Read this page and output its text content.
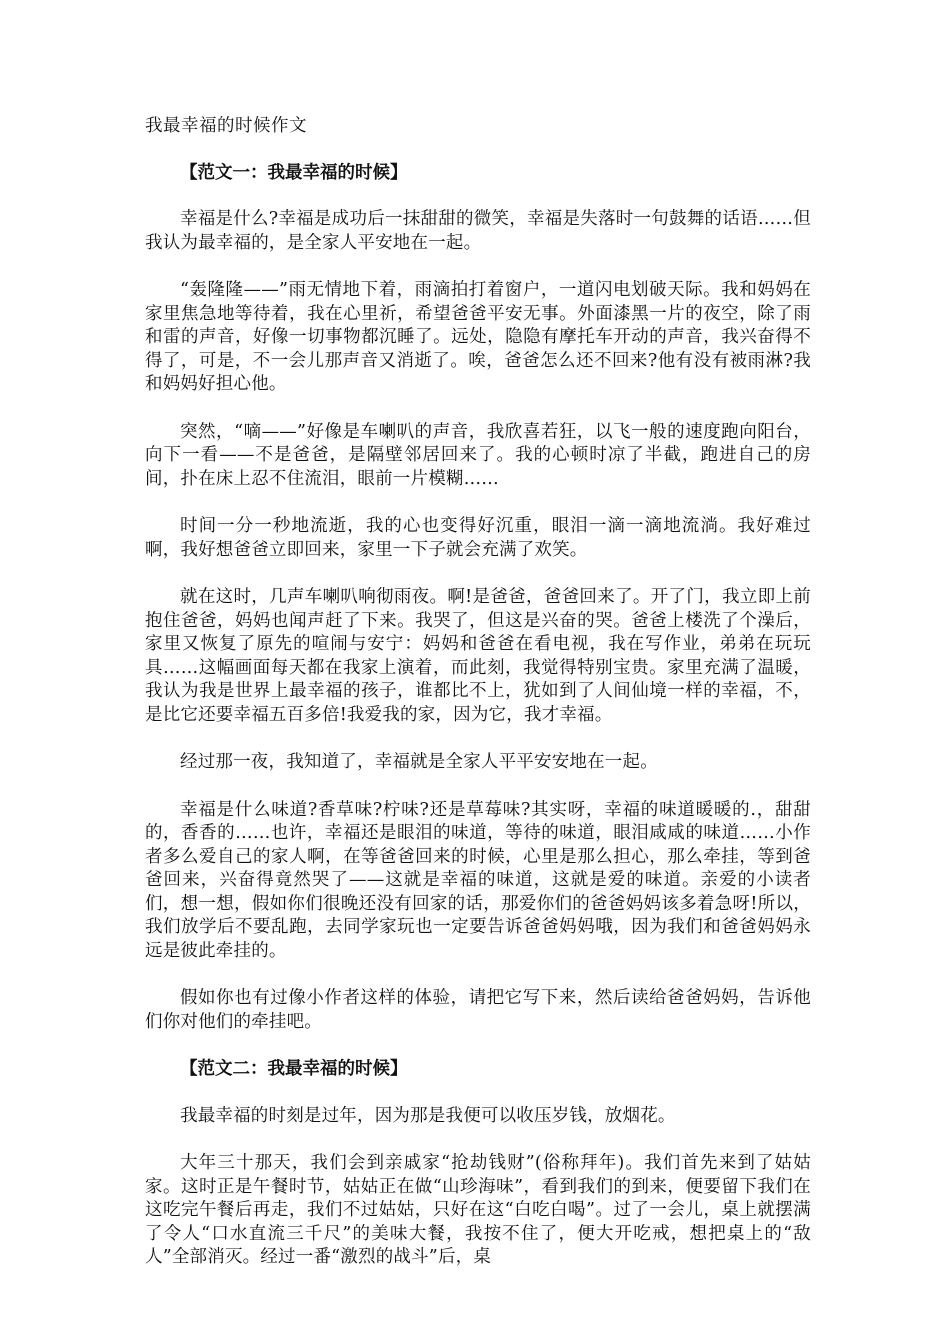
我最幸福的时候作文

【范文一：我最幸福的时候】

幸福是什么?幸福是成功后一抹甜甜的微笑，幸福是失落时一句鼓舞的话语……但我认为最幸福的，是全家人平安地在一起。

“轰隆隆——”雨无情地下着，雨滴拍打着窗户，一道闪电划破天际。我和妈妈在家里焦急地等待着，我在心里祈，希望爸爸平安无事。外面漆黑一片的夜空，除了雨和雷的声音，好像一切事物都沉睡了。远处，隐隐有摩托车开动的声音，我兴奋得不得了，可是，不一会儿那声音又消逝了。唉，爸爸怎么还不回来?他有没有被雨淋?我和妈妈好担心他。

突然，“嘀——”好像是车喇叭的声音，我欣喜若狂，以飞一般的速度跑向阳台，向下一看——不是爸爸，是隔壁邻居回来了。我的心顿时凉了半截，跑进自己的房间，扑在床上忍不住流泪，眼前一片模糊……

时间一分一秒地流逝，我的心也变得好沉重，眼泪一滴一滴地流淌。我好难过啊，我好想爸爸立即回来，家里一下子就会充满了欢笑。

就在这时，几声车喇叭响彻雨夜。啊!是爸爸，爸爸回来了。开了门，我立即上前抱住爸爸，妈妈也闻声赶了下来。我哭了，但这是兴奋的哭。爸爸上楼洗了个澡后，家里又恢复了原先的喧闹与安宁：妈妈和爸爸在看电视，我在写作业，弟弟在玩玩具……这幅画面每天都在我家上演着，而此刻，我觉得特别宝贵。家里充满了温暖，我认为我是世界上最幸福的孩子，谁都比不上，犹如到了人间仙境一样的幸福，不，是比它还要幸福五百多倍!我爱我的家，因为它，我才幸福。

经过那一夜，我知道了，幸福就是全家人平平安安地在一起。

幸福是什么味道?香草味?柠味?还是草莓味?其实呀，幸福的味道暖暖的.，甜甜的，香香的……也许，幸福还是眼泪的味道，等待的味道，眼泪咸咸的味道……小作者多么爱自己的家人啊，在等爸爸回来的时候，心里是那么担心，那么牵挂，等到爸爸回来，兴奋得竟然哭了——这就是幸福的味道，这就是爱的味道。亲爱的小读者们，想一想，假如你们很晚还没有回家的话，那爱你们的爸爸妈妈该多着急呀!所以，我们放学后不要乱跑，去同学家玩也一定要告诉爸爸妈妈哦，因为我们和爸爸妈妈永远是彼此牵挂的。

假如你也有过像小作者这样的体验，请把它写下来，然后读给爸爸妈妈，告诉他们你对他们的牵挂吧。

【范文二：我最幸福的时候】

我最幸福的时刻是过年，因为那是我便可以收压岁钱，放烟花。

大年三十那天，我们会到亲戚家“抢劫钱财”(俗称拜年)。我们首先来到了姑姑家。这时正是午餐时节，姑姑正在做“山珍海味”，看到我们的到来，便要留下我们在这吃完午餐后再走，我们不过姑姑，只好在这“白吃白喝”。过了一会儿，桌上就摆满了令人“口水直流三千尺”的美味大餐，我按不住了，便大开吃戒，想把桌上的“敌人”全部消灭。经过一番“激烈的战斗”后，桌
